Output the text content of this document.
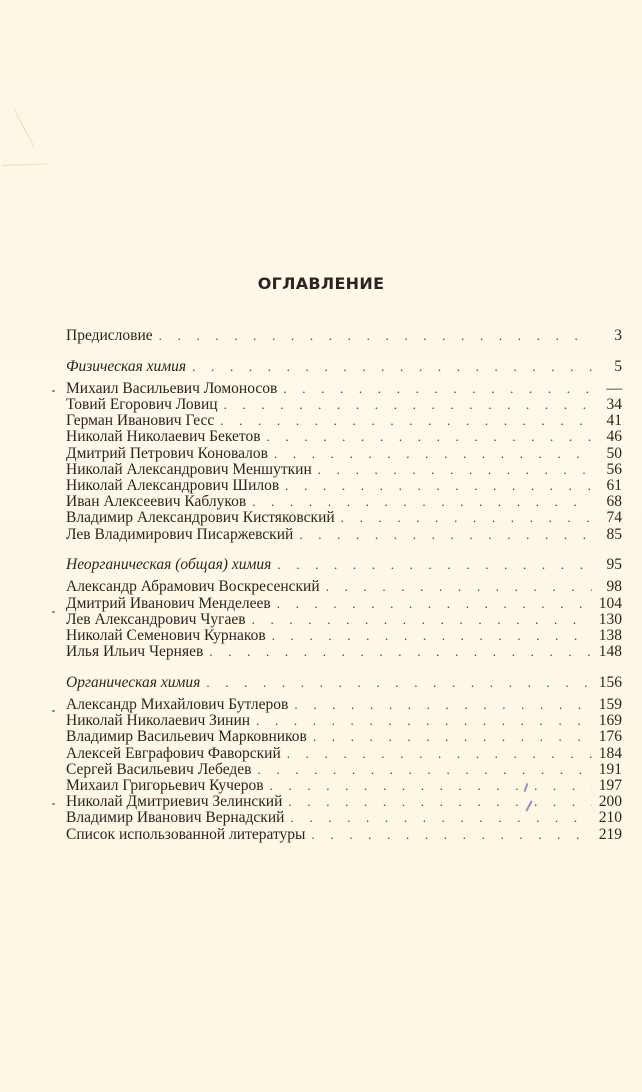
ОГЛАВЛЕНИЕ
Предисловие . . .	3
Физическая химия . . .	5
Михаил Васильевич Ломоносов . . .	—
Товий Егорович Ловиц . . .	34
Герман Иванович Гесс . . .	41
Николай Николаевич Бекетов . . .	46
Дмитрий Петрович Коновалов . . .	50
Николай Александрович Меншуткин . . .	56
Николай Александрович Шилов . . .	61
Иван Алексеевич Каблуков . . .	68
Владимир Александрович Кистяковский . . .	74
Лев Владимирович Писаржевский . . .	85
Неорганическая (общая) химия . . .	95
Александр Абрамович Воскресенский . . .	98
Дмитрий Иванович Менделеев . . .	104
Лев Александрович Чугаев . . .	130
Николай Семенович Курнаков . . .	138
Илья Ильич Черняев . . .	148
Органическая химия . . .	156
Александр Михайлович Бутлеров . . .	159
Николай Николаевич Зинин . . .	169
Владимир Васильевич Марковников . . .	176
Алексей Евграфович Фаворский . . .	184
Сергей Васильевич Лебедев . . .	191
Михаил Григорьевич Кучеров . . .	197
Николай Дмитриевич Зелинский . . .	200
Владимир Иванович Вернадский . . .	210
Список использованной литературы . . .	219
